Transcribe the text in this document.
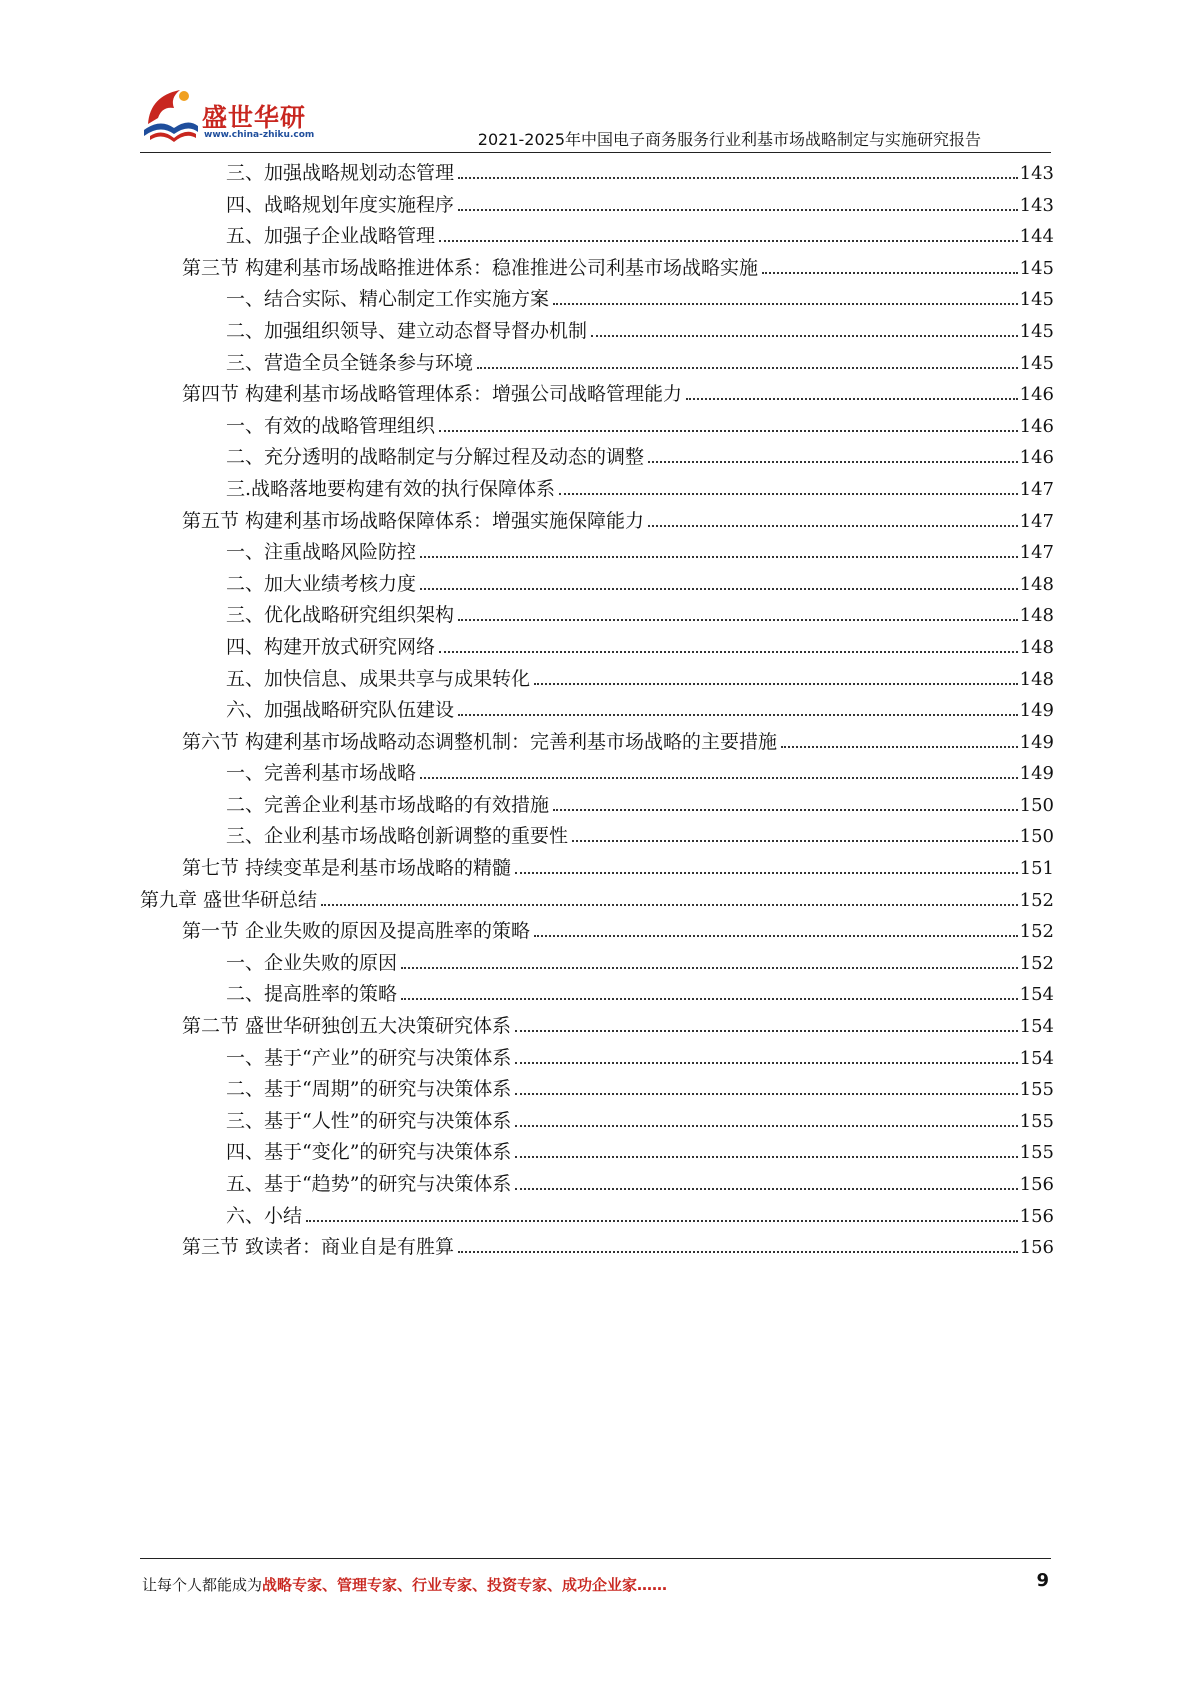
盛世华研
www.china-zhiku.com	2021-2025年中国电子商务服务行业利基市场战略制定与实施研究报告
三、加强战略规划动态管理	143
四、战略规划年度实施程序	143
五、加强子企业战略管理	144
第三节 构建利基市场战略推进体系：稳准推进公司利基市场战略实施	145
一、结合实际、精心制定工作实施方案	145
二、加强组织领导、建立动态督导督办机制	145
三、营造全员全链条参与环境	145
第四节 构建利基市场战略管理体系：增强公司战略管理能力	146
一、有效的战略管理组织	146
二、充分透明的战略制定与分解过程及动态的调整	146
三.战略落地要构建有效的执行保障体系	147
第五节 构建利基市场战略保障体系：增强实施保障能力	147
一、注重战略风险防控	147
二、加大业绩考核力度	148
三、优化战略研究组织架构	148
四、构建开放式研究网络	148
五、加快信息、成果共享与成果转化	148
六、加强战略研究队伍建设	149
第六节 构建利基市场战略动态调整机制：完善利基市场战略的主要措施	149
一、完善利基市场战略	149
二、完善企业利基市场战略的有效措施	150
三、企业利基市场战略创新调整的重要性	150
第七节 持续变革是利基市场战略的精髓	151
第九章 盛世华研总结	152
第一节 企业失败的原因及提高胜率的策略	152
一、企业失败的原因	152
二、提高胜率的策略	154
第二节 盛世华研独创五大决策研究体系	154
一、基于“产业”的研究与决策体系	154
二、基于“周期”的研究与决策体系	155
三、基于“人性”的研究与决策体系	155
四、基于“变化”的研究与决策体系	155
五、基于“趋势”的研究与决策体系	156
六、小结	156
第三节 致读者：商业自是有胜算	156
让每个人都能成为战略专家、管理专家、行业专家、投资专家、成功企业家……	9
